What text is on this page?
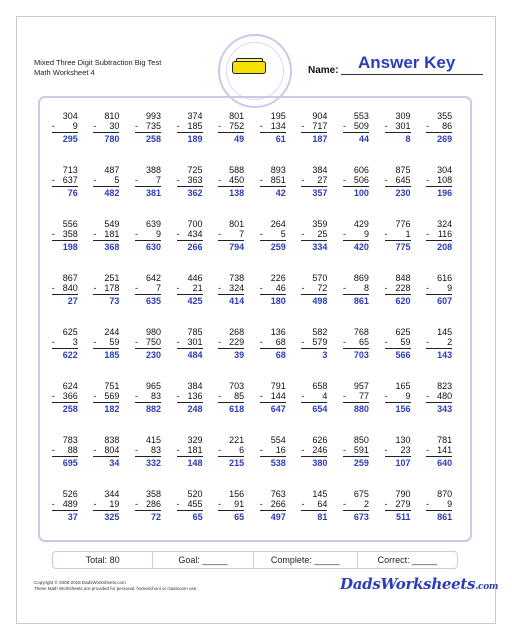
Mixed Three Digit Subtraction Big Test
Math Worksheet 4	Name: Answer Key
304
- 9
295
810
- 30
780
993
- 735
258
374
- 185
189
801
- 752
49
195
- 134
61
904
- 717
187
553
- 509
44
309
- 301
8
355
- 86
269
713
- 637
76
487
- 5
482
388
- 7
381
725
- 363
362
588
- 450
138
893
- 851
42
384
- 27
357
606
- 506
100
875
- 645
230
304
- 108
196
556
- 358
198
549
- 181
368
639
- 9
630
700
- 434
266
801
- 7
794
264
- 5
259
359
- 25
334
429
- 9
420
776
- 1
775
324
- 116
208
867
- 840
27
251
- 178
73
642
- 7
635
446
- 21
425
738
- 324
414
226
- 46
180
570
- 72
498
869
- 8
861
848
- 228
620
616
- 9
607
625
- 3
622
244
- 59
185
980
- 750
230
785
- 301
484
268
- 229
39
136
- 68
68
582
- 579
3
768
- 65
703
625
- 59
566
145
- 2
143
624
- 366
258
751
- 569
182
965
- 83
882
384
- 136
248
703
- 85
618
791
- 144
647
658
- 4
654
957
- 77
880
165
- 9
156
823
- 480
343
783
- 88
695
838
- 804
34
415
- 83
332
329
- 181
148
221
- 6
215
554
- 16
538
626
- 246
380
850
- 591
259
130
- 23
107
781
- 141
640
526
- 489
37
344
- 19
325
358
- 286
72
520
- 455
65
156
- 91
65
763
- 266
497
145
- 64
81
675
- 2
673
790
- 279
511
870
- 9
861
Total: 80	Goal: _____	Complete: _____	Correct: _____
Copyright © 2008-2018 DadsWorksheets.com
These Math Worksheets are provided for personal, homeschool or classroom use.	DadsWorksheets.com
